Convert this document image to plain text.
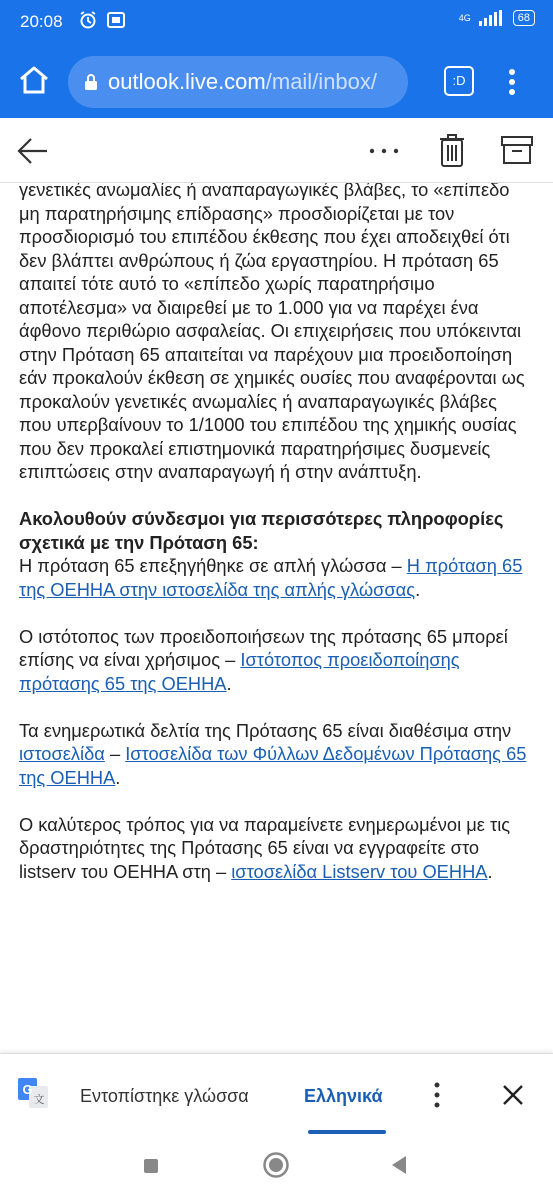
20:08	4G	68
outlook.live.com/mail/inbox/	:D

γενετικές ανωμαλίες ή αναπαραγωγικές βλάβες, το «επίπεδο μη παρατηρήσιμης επίδρασης» προσδιορίζεται με τον προσδιορισμό του επιπέδου έκθεσης που έχει αποδειχθεί ότι δεν βλάπτει ανθρώπους ή ζώα εργαστηρίου. Η πρόταση 65 απαιτεί τότε αυτό το «επίπεδο χωρίς παρατηρήσιμο αποτέλεσμα» να διαιρεθεί με το 1.000 για να παρέχει ένα άφθονο περιθώριο ασφαλείας. Οι επιχειρήσεις που υπόκεινται στην Πρόταση 65 απαιτείται να παρέχουν μια προειδοποίηση εάν προκαλούν έκθεση σε χημικές ουσίες που αναφέρονται ως προκαλούν γενετικές ανωμαλίες ή αναπαραγωγικές βλάβες που υπερβαίνουν το 1/1000 του επιπέδου της χημικής ουσίας που δεν προκαλεί επιστημονικά παρατηρήσιμες δυσμενείς επιπτώσεις στην αναπαραγωγή ή στην ανάπτυξη.

Ακολουθούν σύνδεσμοι για περισσότερες πληροφορίες σχετικά με την Πρόταση 65:

Η πρόταση 65 επεξηγήθηκε σε απλή γλώσσα – Η πρόταση 65 της ΟΕΗΗΑ στην ιστοσελίδα της απλής γλώσσας.

Ο ιστότοπος των προειδοποιήσεων της πρότασης 65 μπορεί επίσης να είναι χρήσιμος – Ιστότοπος προειδοποίησης πρότασης 65 της ΟΕΗΗΑ.

Τα ενημερωτικά δελτία της Πρότασης 65 είναι διαθέσιμα στην ιστοσελίδα – Ιστοσελίδα των Φύλλων Δεδομένων Πρότασης 65 της ΟΕΗΗΑ.

Ο καλύτερος τρόπος για να παραμείνετε ενημερωμένοι με τις δραστηριότητες της Πρότασης 65 είναι να εγγραφείτε στο listserv του ΟΕΗΗΑ στη – ιστοσελίδα Listserv του ΟΕΗΗΑ.

G
文 Εντοπίστηκε γλώσσα	Ελληνικά
